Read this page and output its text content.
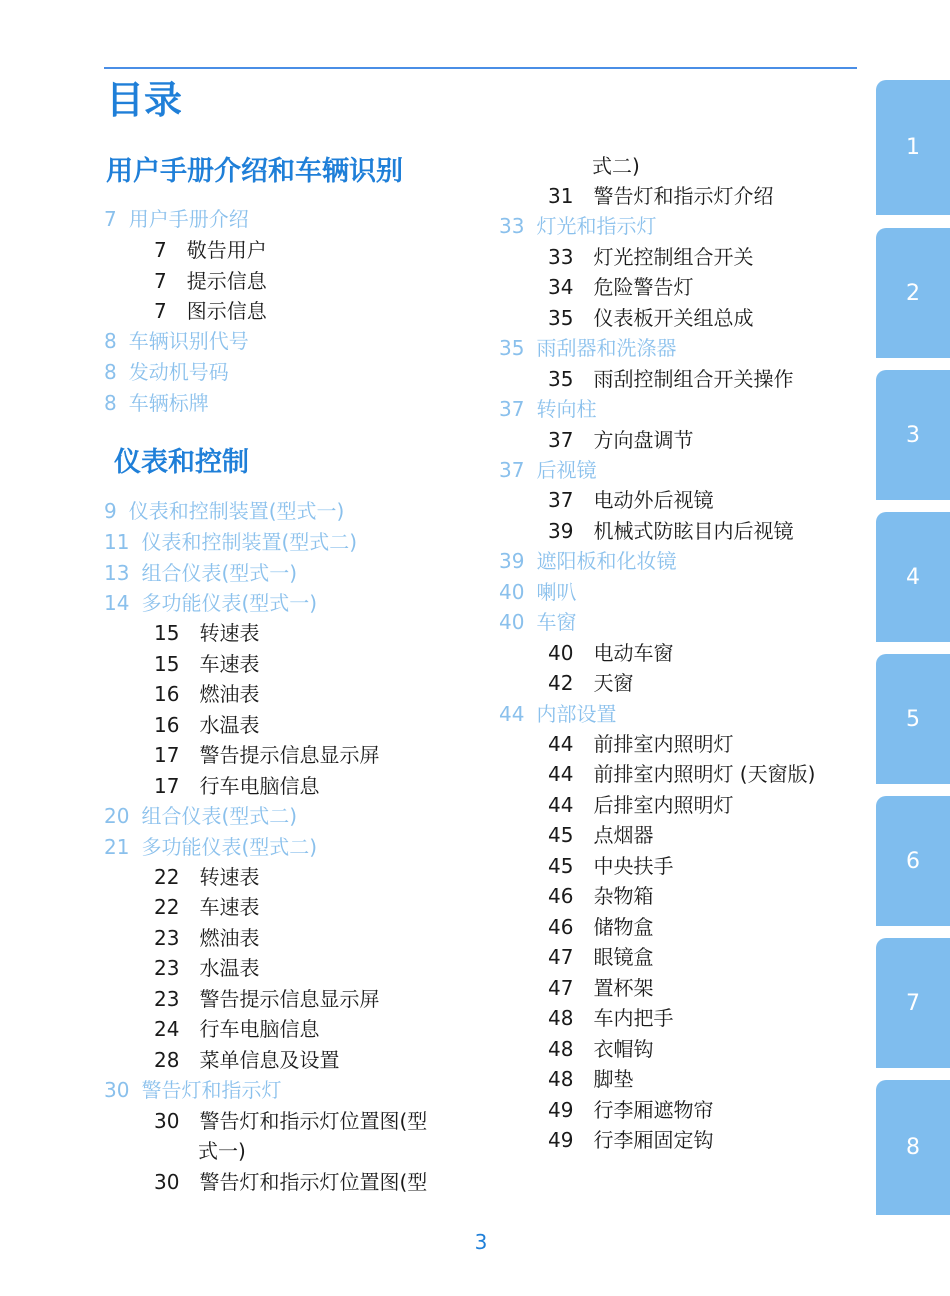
目录
用户手册介绍和车辆识别
仪表和控制
7 用户手册介绍
7 敬告用户
7 提示信息
7 图示信息
8 车辆识别代号
8 发动机号码
8 车辆标牌
9 仪表和控制装置(型式一)
11 仪表和控制装置(型式二)
13 组合仪表(型式一)
14 多功能仪表(型式一)
15 转速表
15 车速表
16 燃油表
16 水温表
17 警告提示信息显示屏
17 行车电脑信息
20 组合仪表(型式二)
21 多功能仪表(型式二)
22 转速表
22 车速表
23 燃油表
23 水温表
23 警告提示信息显示屏
24 行车电脑信息
28 菜单信息及设置
30 警告灯和指示灯
30 警告灯和指示灯位置图(型
式一)
30 警告灯和指示灯位置图(型
式二)
31 警告灯和指示灯介绍
33 灯光和指示灯
33 灯光控制组合开关
34 危险警告灯
35 仪表板开关组总成
35 雨刮器和洗涤器
35 雨刮控制组合开关操作
37 转向柱
37 方向盘调节
37 后视镜
37 电动外后视镜
39 机械式防眩目内后视镜
39 遮阳板和化妆镜
40 喇叭
40 车窗
40 电动车窗
42 天窗
44 内部设置
44 前排室内照明灯
44 前排室内照明灯 (天窗版)
44 后排室内照明灯
45 点烟器
45 中央扶手
46 杂物箱
46 储物盒
47 眼镜盒
47 置杯架
48 车内把手
48 衣帽钩
48 脚垫
49 行李厢遮物帘
49 行李厢固定钩
1
2
3
4
5
6
7
8
3
